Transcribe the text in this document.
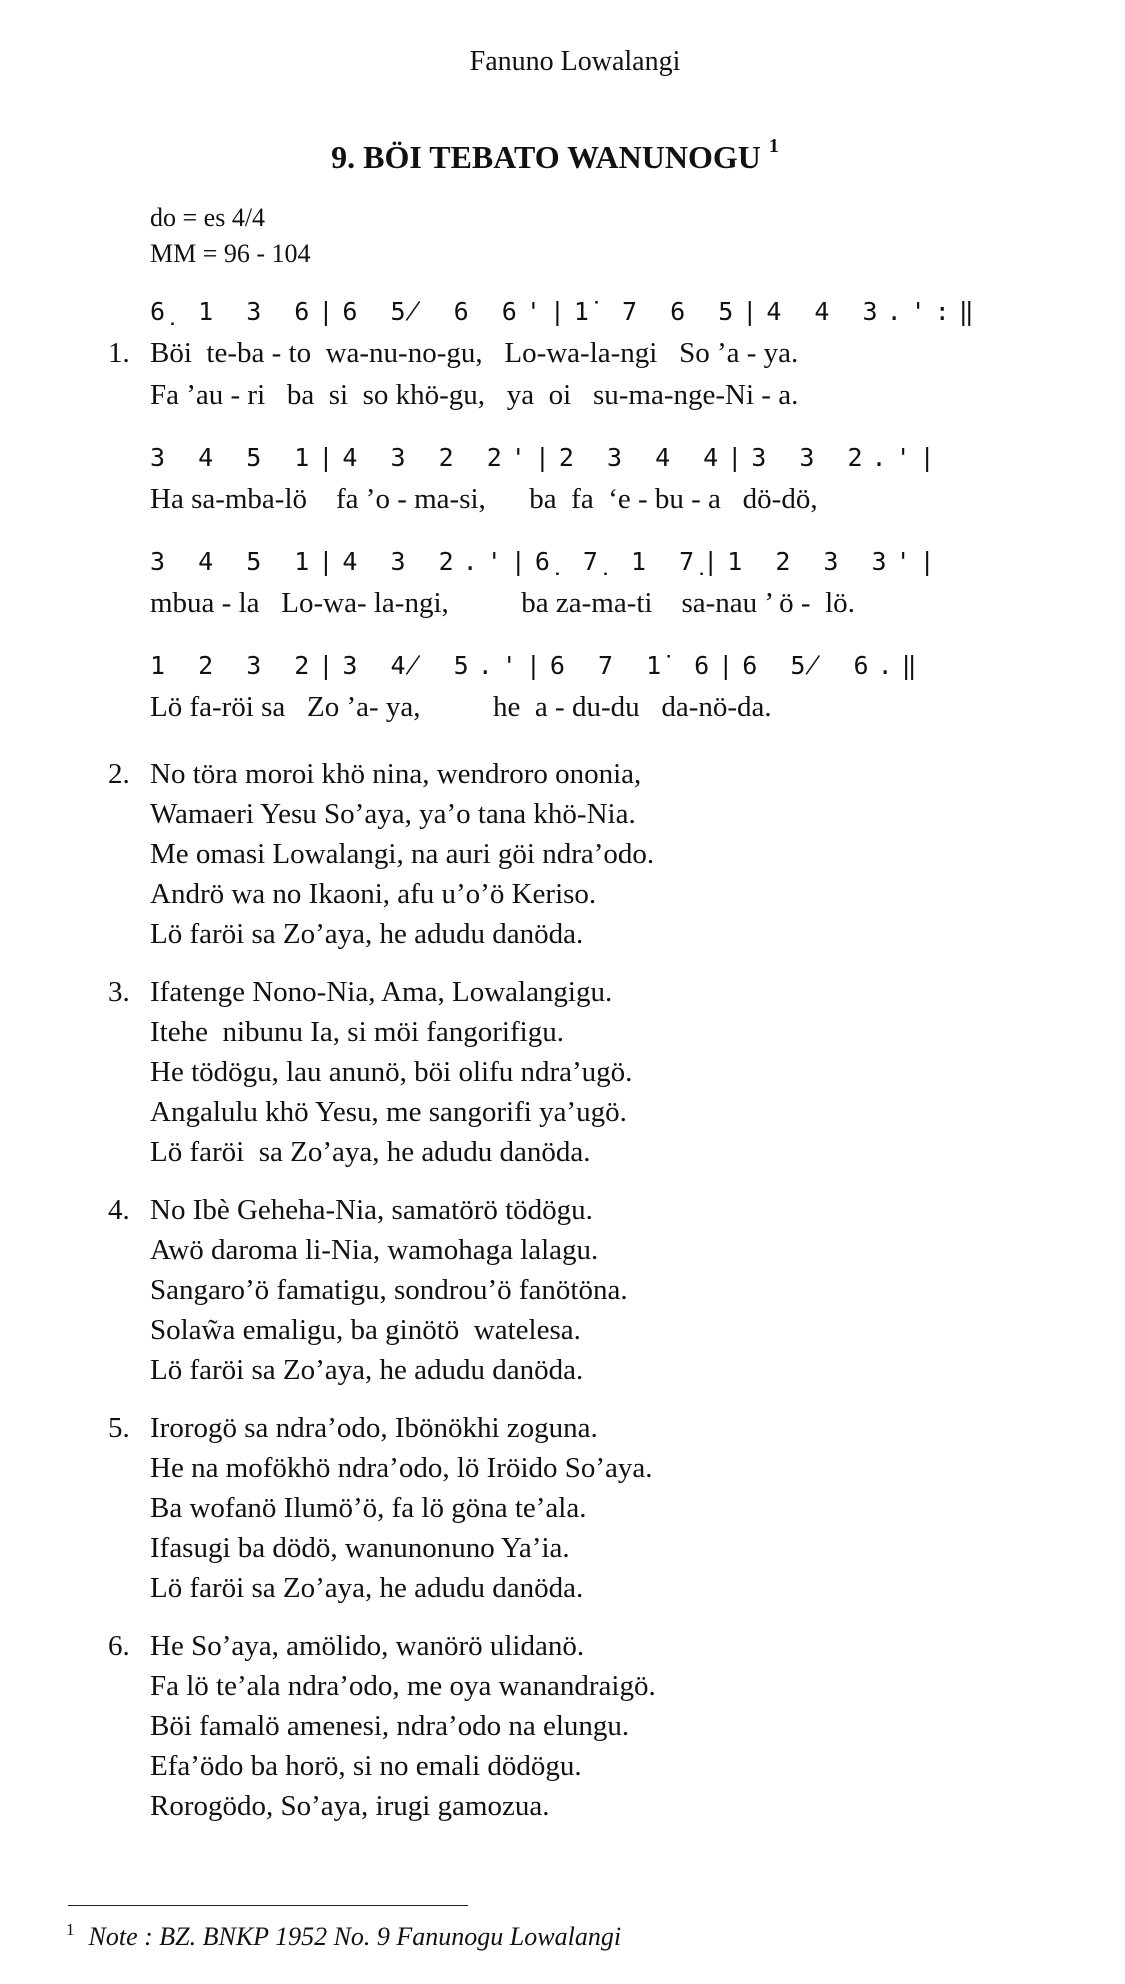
Fanuno Lowalangi
9. BÖI TEBATO WANUNOGU $^1$
do = es 4/4
MM = 96 - 104
6̣ 1 3 6|6 5̸ 6 6'|1̇ 7 6 5|4 4 3.':‖
1. Böi  te-ba - to  wa-nu-no-gu,   Lo-wa-la-ngi   So ’a - ya.
Fa ’au - ri   ba  si  so khö-gu,   ya  oi   su-ma-nge-Ni - a.
3 4 5 1|4 3 2 2'|2 3 4 4|3 3 2.'|
Ha sa-mba-lö    fa ’o - ma-si,      ba  fa  ‘e - bu - a   dö-dö,
3 4 5 1|4 3 2.'|6̣ 7̣ 1 7̣|1 2 3 3'|
mbua - la   Lo-wa- la-ngi,          ba za-ma-ti    sa-nau ’ ö -  lö.
1 2 3 2|3 4̸ 5.'|6 7 1̇ 6|6 5̸ 6.‖
Lö fa-röi sa   Zo ’a- ya,          he  a - du-du   da-nö-da.
2. No töra moroi khö nina, wendroro ononia,
Wamaeri Yesu So’aya, ya’o tana khö-Nia.
Me omasi Lowalangi, na auri göi ndra’odo.
Andrö wa no Ikaoni, afu u’o’ö Keriso.
Lö faröi sa Zo’aya, he adudu danöda.
3. Ifatenge Nono-Nia, Ama, Lowalangigu.
Itehe  nibunu Ia, si möi fangorifigu.
He tödögu, lau anunö, böi olifu ndra’ugö.
Angalulu khö Yesu, me sangorifi ya’ugö.
Lö faröi  sa Zo’aya, he adudu danöda.
4. No Ibè Geheha-Nia, samatörö tödögu.
Awö daroma li-Nia, wamohaga lalagu.
Sangaro’ö famatigu, sondrou’ö fanötöna.
Solaw̃a emaligu, ba ginötö  watelesa.
Lö faröi sa Zo’aya, he adudu danöda.
5. Irorogö sa ndra’odo, Ibönökhi zoguna.
He na mofökhö ndra’odo, lö Iröido So’aya.
Ba wofanö Ilumö’ö, fa lö göna te’ala.
Ifasugi ba dödö, wanunonuno Ya’ia.
Lö faröi sa Zo’aya, he adudu danöda.
6. He So’aya, amölido, wanörö ulidanö.
Fa lö te’ala ndra’odo, me oya wanandraigö.
Böi famalö amenesi, ndra’odo na elungu.
Efa’ödo ba horö, si no emali dödögu.
Rorogödo, So’aya, irugi gamozua.
$^1$ Note : BZ. BNKP 1952 No. 9 Fanunogu Lowalangi
